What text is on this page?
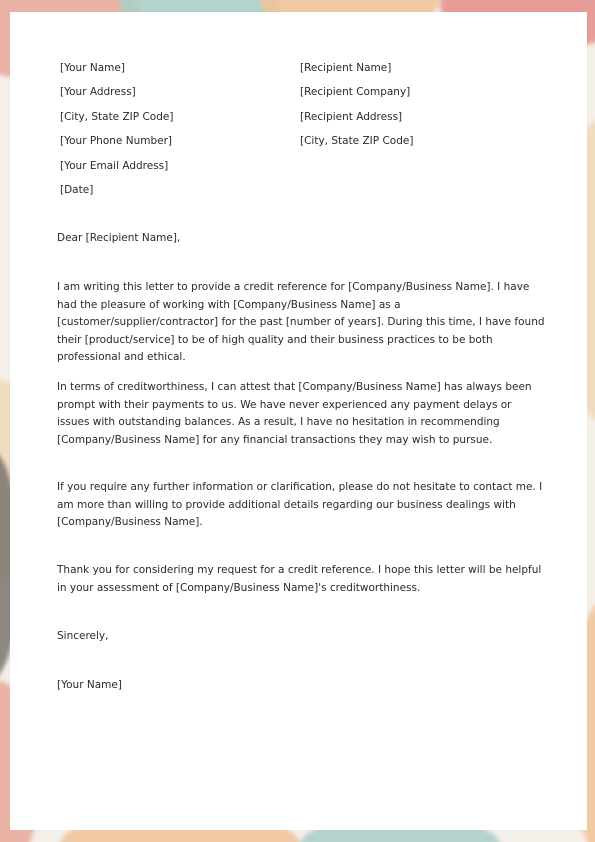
[Your Name]
[Your Address]
[City, State ZIP Code]
[Your Phone Number]
[Your Email Address]
[Date]
[Recipient Name]
[Recipient Company]
[Recipient Address]
[City, State ZIP Code]
Dear [Recipient Name],

I am writing this letter to provide a credit reference for [Company/Business Name]. I have had the pleasure of working with [Company/Business Name] as a [customer/supplier/contractor] for the past [number of years]. During this time, I have found their [product/service] to be of high quality and their business practices to be both professional and ethical.

In terms of creditworthiness, I can attest that [Company/Business Name] has always been prompt with their payments to us. We have never experienced any payment delays or issues with outstanding balances. As a result, I have no hesitation in recommending [Company/Business Name] for any financial transactions they may wish to pursue.

If you require any further information or clarification, please do not hesitate to contact me. I am more than willing to provide additional details regarding our business dealings with [Company/Business Name].

Thank you for considering my request for a credit reference. I hope this letter will be helpful in your assessment of [Company/Business Name]'s creditworthiness.

Sincerely,
[Your Name]
